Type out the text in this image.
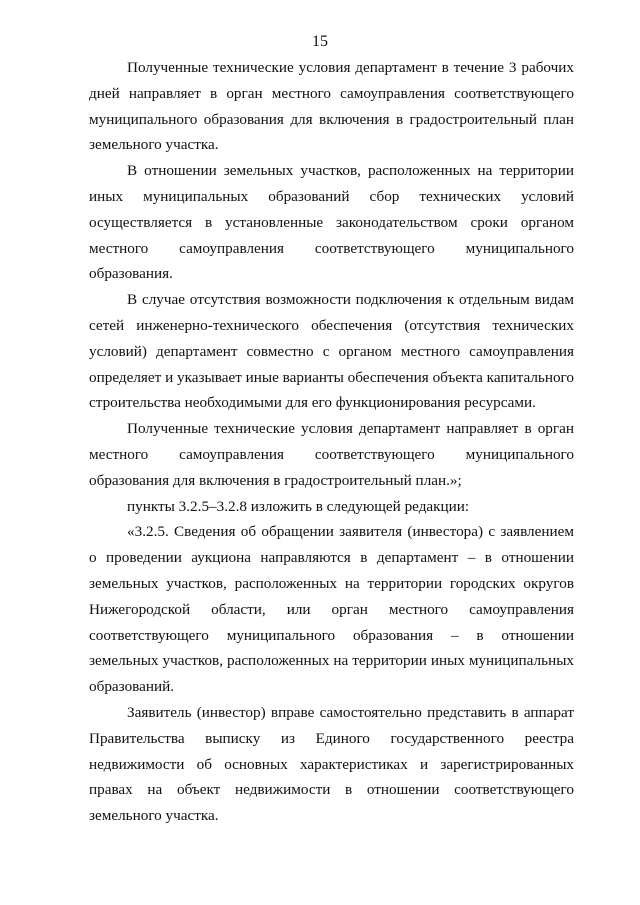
15

Полученные технические условия департамент в течение 3 рабочих дней направляет в орган местного самоуправления соответствующего муниципального образования для включения в градостроительный план земельного участка.

В отношении земельных участков, расположенных на территории иных муниципальных образований сбор технических условий осуществляется в установленные законодательством сроки органом местного самоуправления соответствующего муниципального образования.

В случае отсутствия возможности подключения к отдельным видам сетей инженерно-технического обеспечения (отсутствия технических условий) департамент совместно с органом местного самоуправления определяет и указывает иные варианты обеспечения объекта капитального строительства необходимыми для его функционирования ресурсами.

Полученные технические условия департамент направляет в орган местного самоуправления соответствующего муниципального образования для включения в градостроительный план.»;

пункты 3.2.5–3.2.8 изложить в следующей редакции:

«3.2.5. Сведения об обращении заявителя (инвестора) с заявлением о проведении аукциона направляются в департамент – в отношении земельных участков, расположенных на территории городских округов Нижегородской области, или орган местного самоуправления соответствующего муниципального образования – в отношении земельных участков, расположенных на территории иных муниципальных образований.

Заявитель (инвестор) вправе самостоятельно представить в аппарат Правительства выписку из Единого государственного реестра недвижимости об основных характеристиках и зарегистрированных правах на объект недвижимости в отношении соответствующего земельного участка.
